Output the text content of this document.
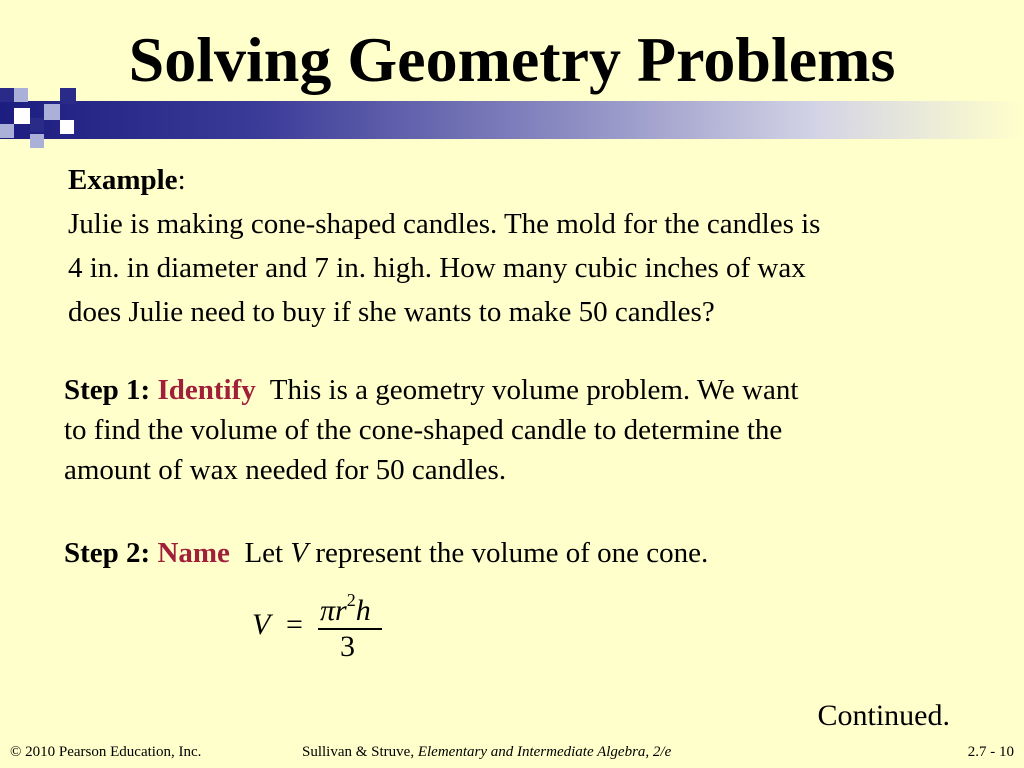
Solving Geometry Problems
Example:
Julie is making cone-shaped candles. The mold for the candles is
4 in. in diameter and 7 in. high. How many cubic inches of wax
does Julie need to buy if she wants to make 50 candles?
Step 1: Identify This is a geometry volume problem. We want
to find the volume of the cone-shaped candle to determine the
amount of wax needed for 50 candles.
Step 2: Name Let V represent the volume of one cone.
$V = \pi r^2h$
3
Continued.
© 2010 Pearson Education, Inc.	Sullivan & Struve, Elementary and Intermediate Algebra, 2/e	2.7 - 10
